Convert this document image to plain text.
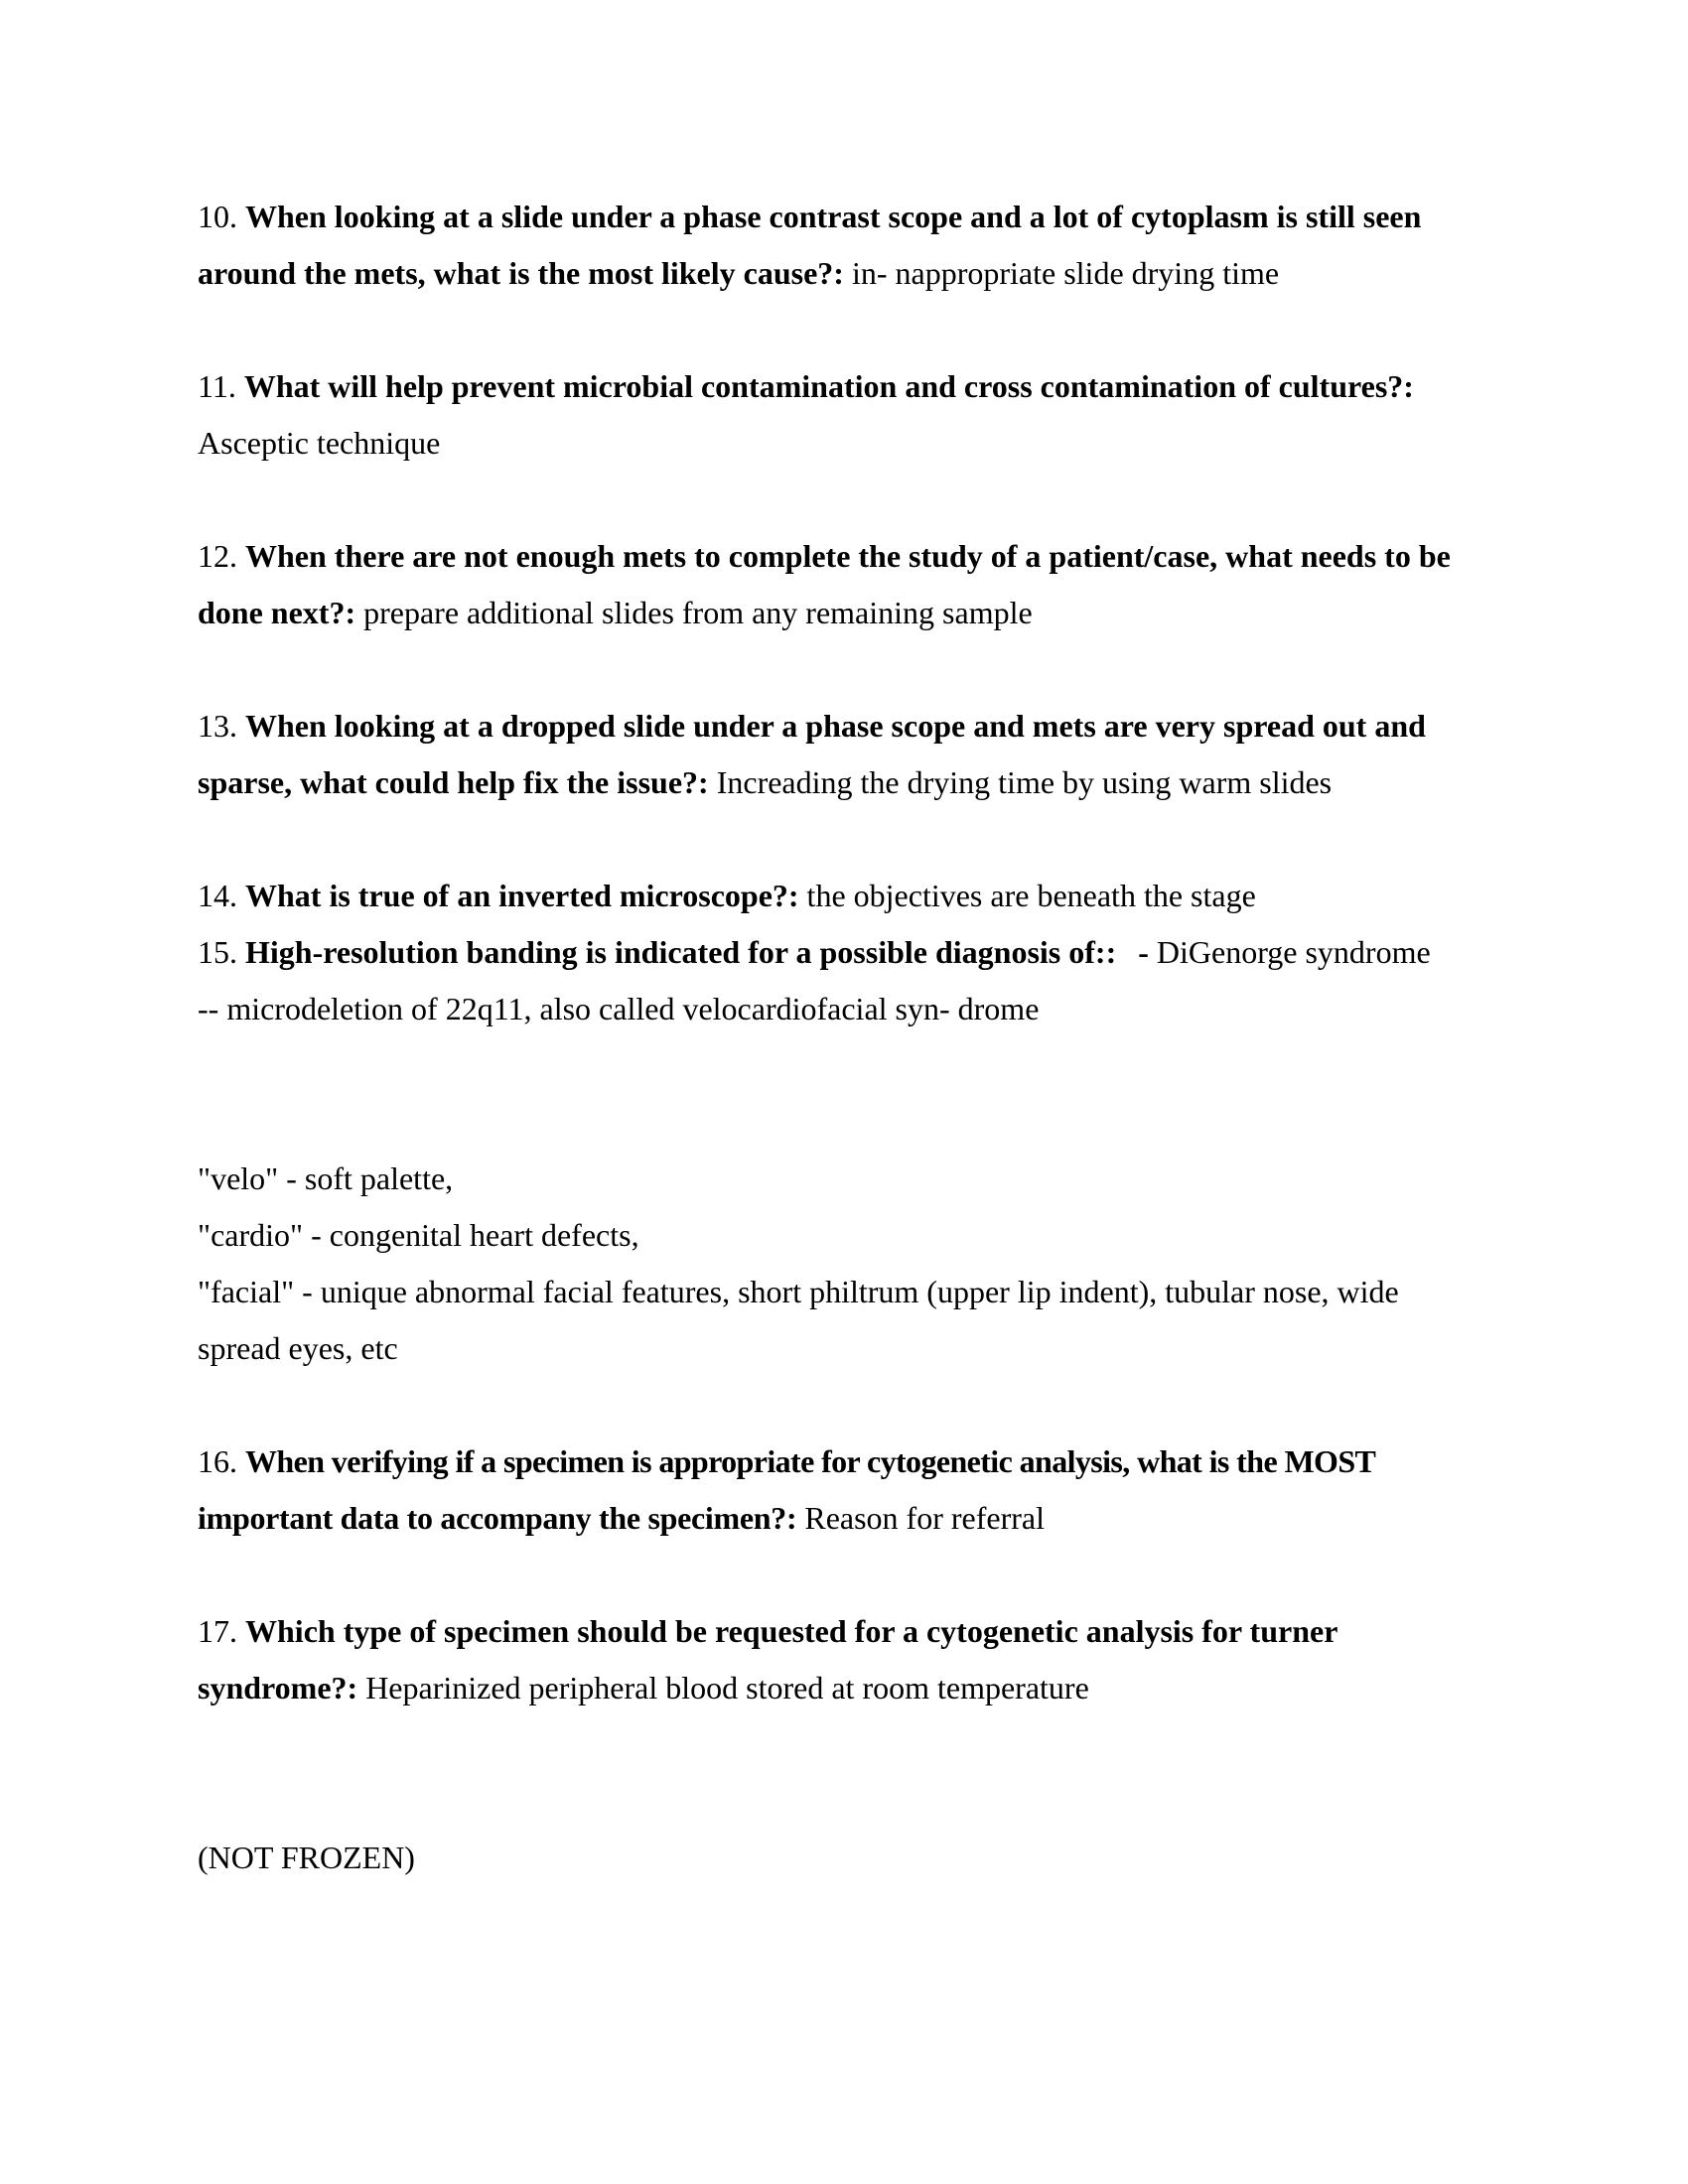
10. When looking at a slide under a phase contrast scope and a lot of cytoplasm is still seen
around the mets, what is the most likely cause?: in- nappropriate slide drying time
11. What will help prevent microbial contamination and cross contamination of cultures?:
Asceptic technique
12. When there are not enough mets to complete the study of a patient/case, what needs to be
done next?: prepare additional slides from any remaining sample
13. When looking at a dropped slide under a phase scope and mets are very spread out and
sparse, what could help fix the issue?: Increading the drying time by using warm slides
14. What is true of an inverted microscope?: the objectives are beneath the stage
15. High-resolution banding is indicated for a possible diagnosis of:: - DiGenorge syndrome
-- microdeletion of 22q11, also called velocardiofacial syn- drome
"velo" - soft palette,
"cardio" - congenital heart defects,
"facial" - unique abnormal facial features, short philtrum (upper lip indent), tubular nose, wide
spread eyes, etc
16. When verifying if a specimen is appropriate for cytogenetic analysis, what is the MOST
important data to accompany the specimen?: Reason for referral
17. Which type of specimen should be requested for a cytogenetic analysis for turner
syndrome?: Heparinized peripheral blood stored at room temperature
(NOT FROZEN)
